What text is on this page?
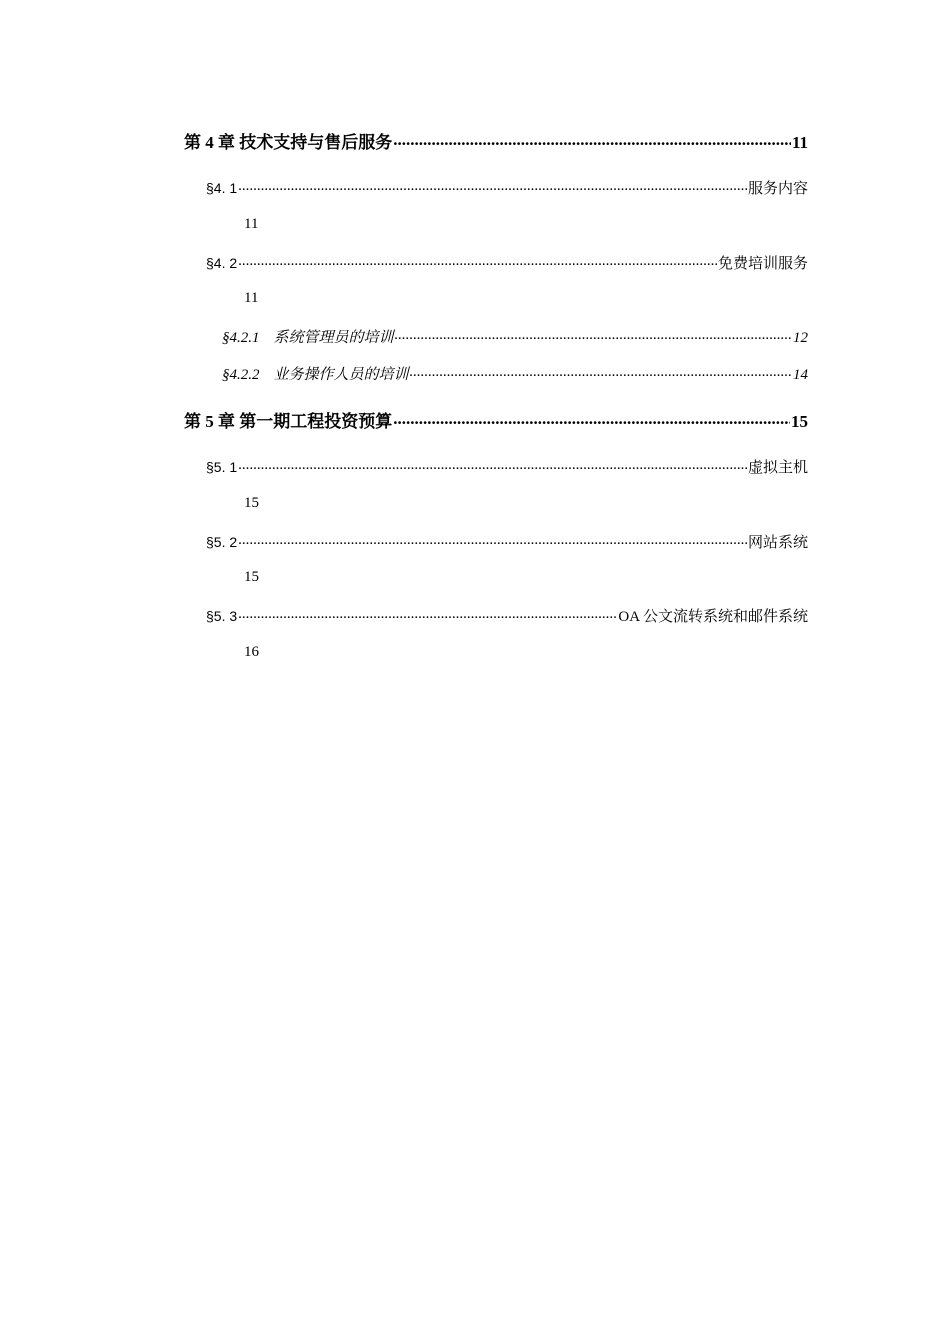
第 4 章 技术支持与售后服务 .....	11
§4. 1 .....	服务内容
11
§4. 2 .....	免费培训服务
11
§4.2.1 系统管理员的培训 .....	12
§4.2.2 业务操作人员的培训 .....	14
第 5 章 第一期工程投资预算 .....	15
§5. 1 .....	虚拟主机
15
§5. 2 .....	网站系统
15
§5. 3 .....	OA 公文流转系统和邮件系统
16
